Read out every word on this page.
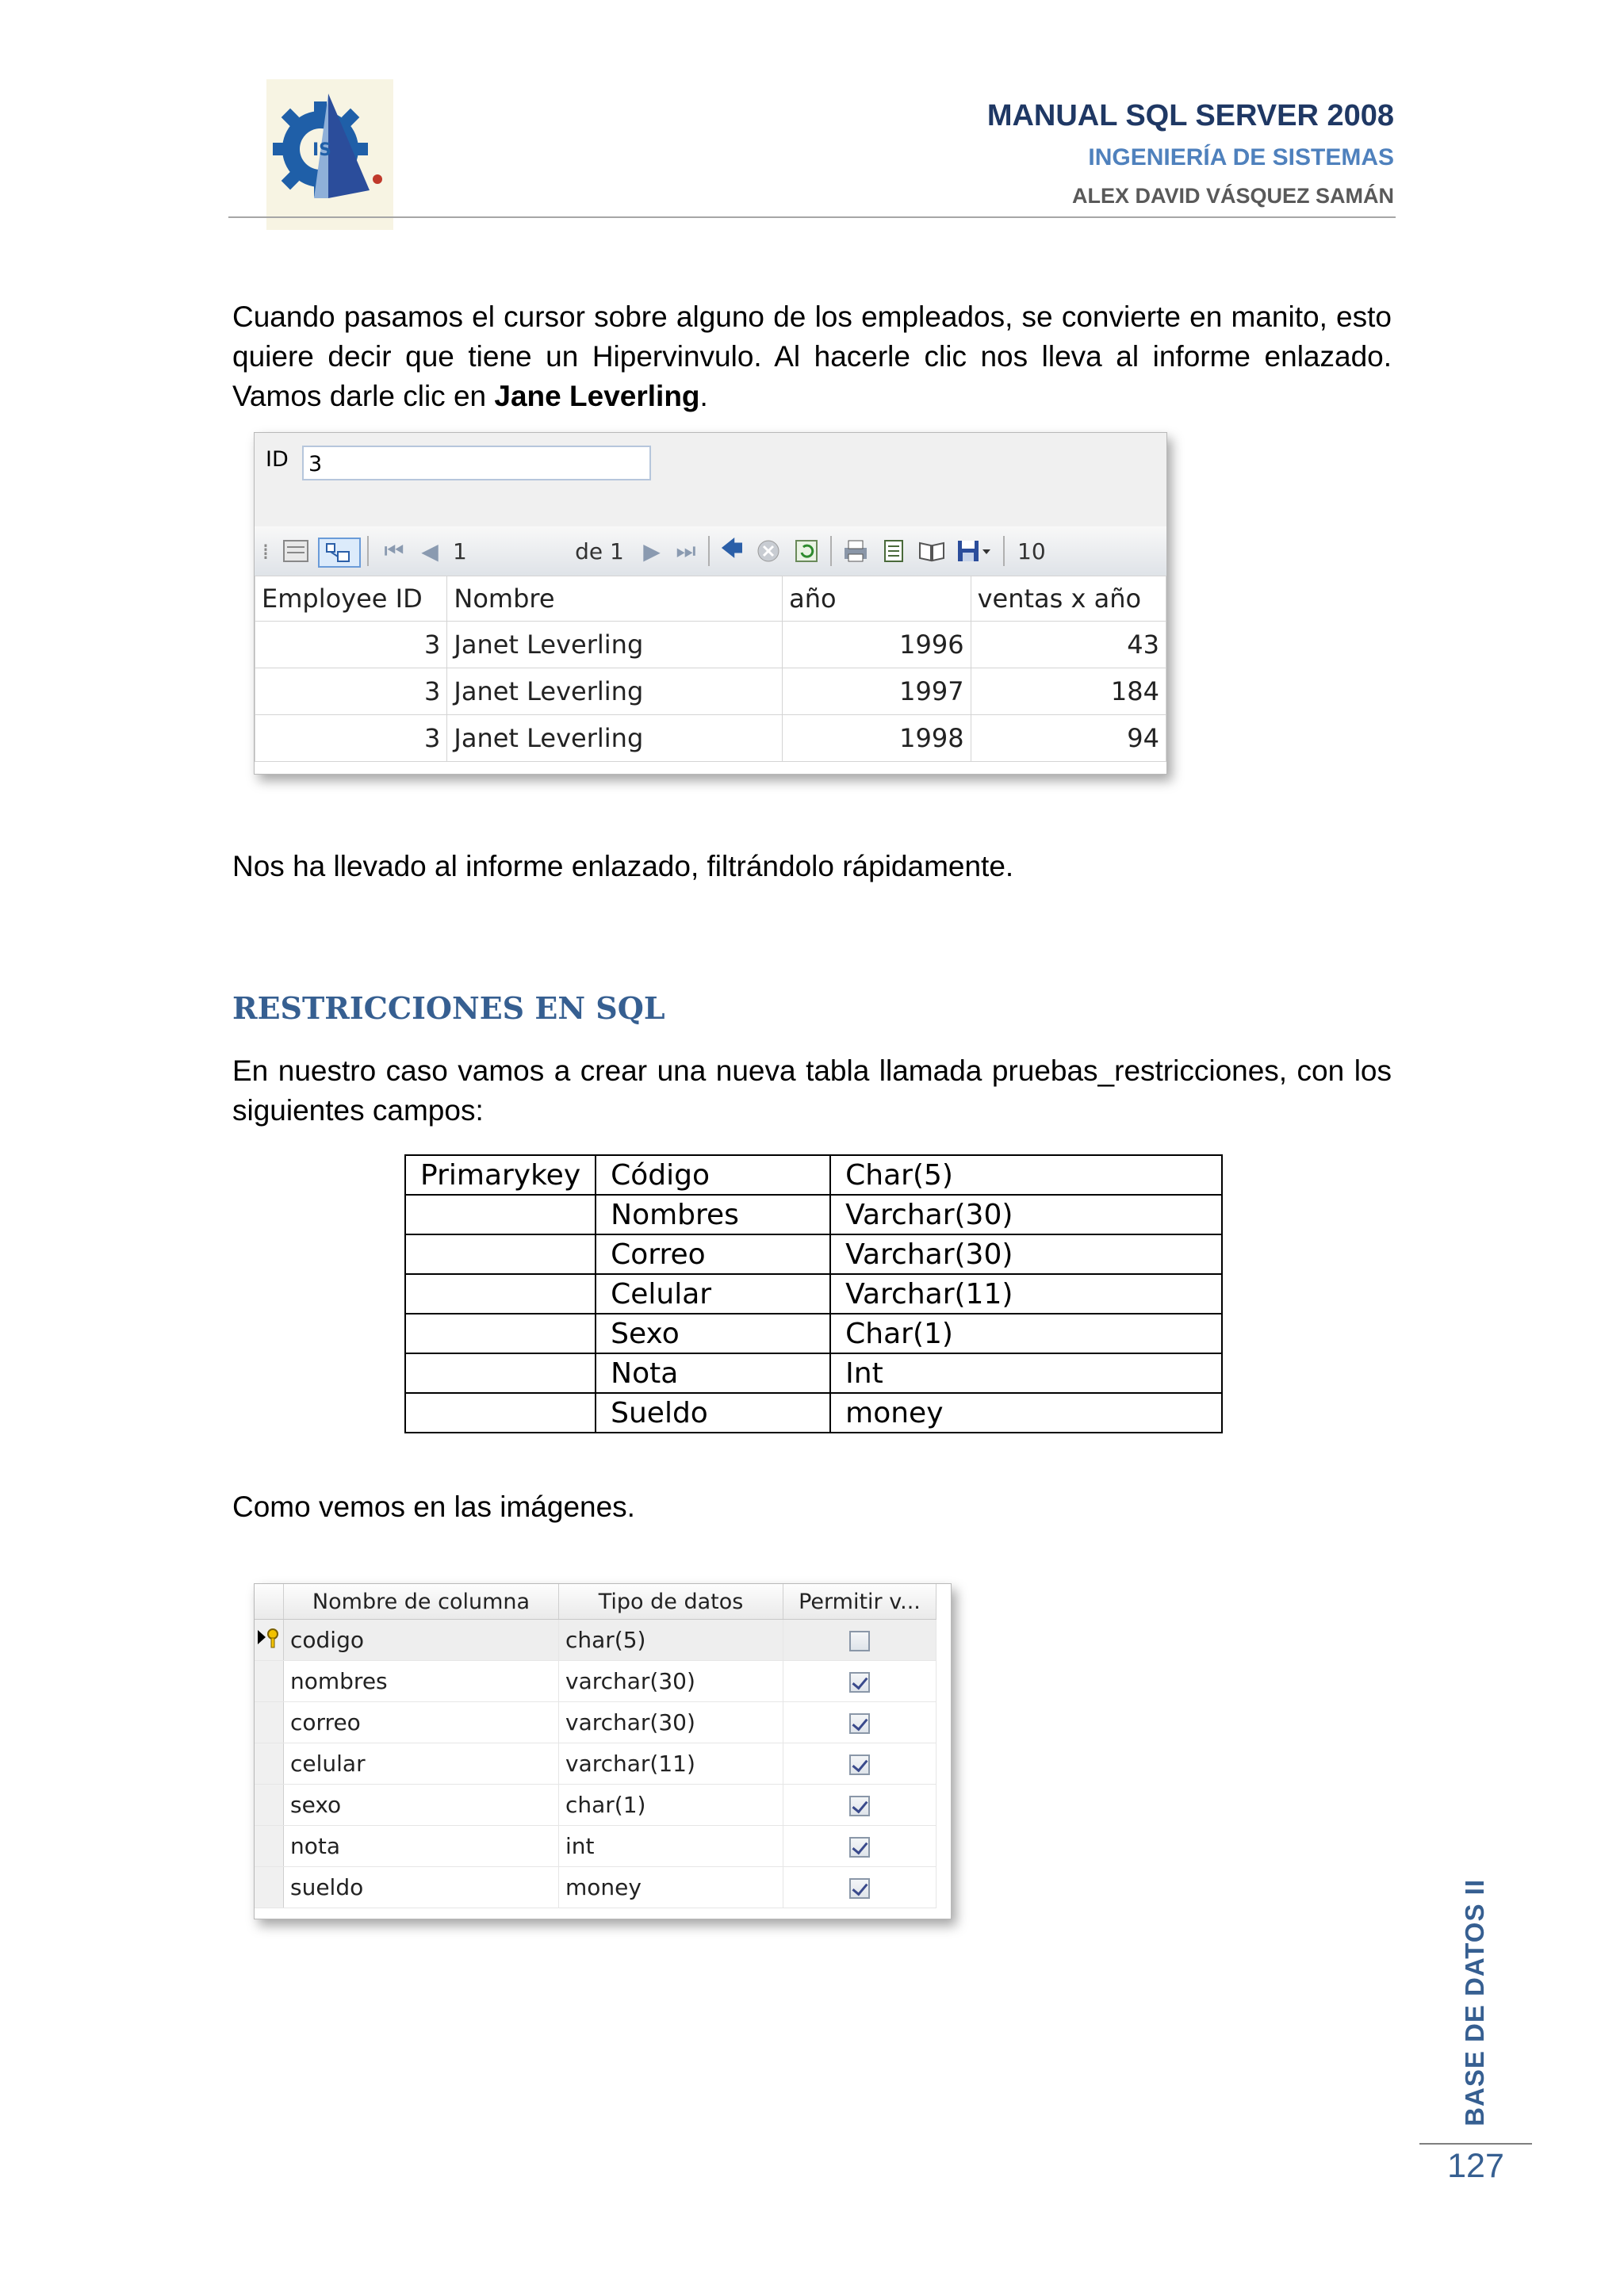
IS
MANUAL SQL SERVER 2008
INGENIERÍA DE SISTEMAS
ALEX DAVID VÁSQUEZ SAMÁN
Cuando pasamos el cursor sobre alguno de los empleados, se convierte en manito, esto quiere decir que tiene un Hipervinvulo. Al hacerle clic nos lleva al informe enlazado. Vamos darle clic en Jane Leverling.
ID 3
⁞	⏮ ◀ 1	de 1 ▶ ⏭ 🡄	10
Employee ID	Nombre	año	ventas x año
3	Janet Leverling	1996	43
3	Janet Leverling	1997	184
3	Janet Leverling	1998	94
Nos ha llevado al informe enlazado, filtrándolo rápidamente.
RESTRICCIONES EN SQL
En nuestro caso vamos a crear una nueva tabla llamada pruebas_restricciones, con los siguientes campos:
Primarykey	Código	Char(5)
	Nombres	Varchar(30)
	Correo	Varchar(30)
	Celular	Varchar(11)
	Sexo	Char(1)
	Nota	Int
	Sueldo	money
Como vemos en las imágenes.
	Nombre de columna	Tipo de datos	Permitir v...
	codigo	char(5)	
	nombres	varchar(30)	
	correo	varchar(30)	
	celular	varchar(11)	
	sexo	char(1)	
	nota	int	
	sueldo	money		BASE DE DATOS II
127
